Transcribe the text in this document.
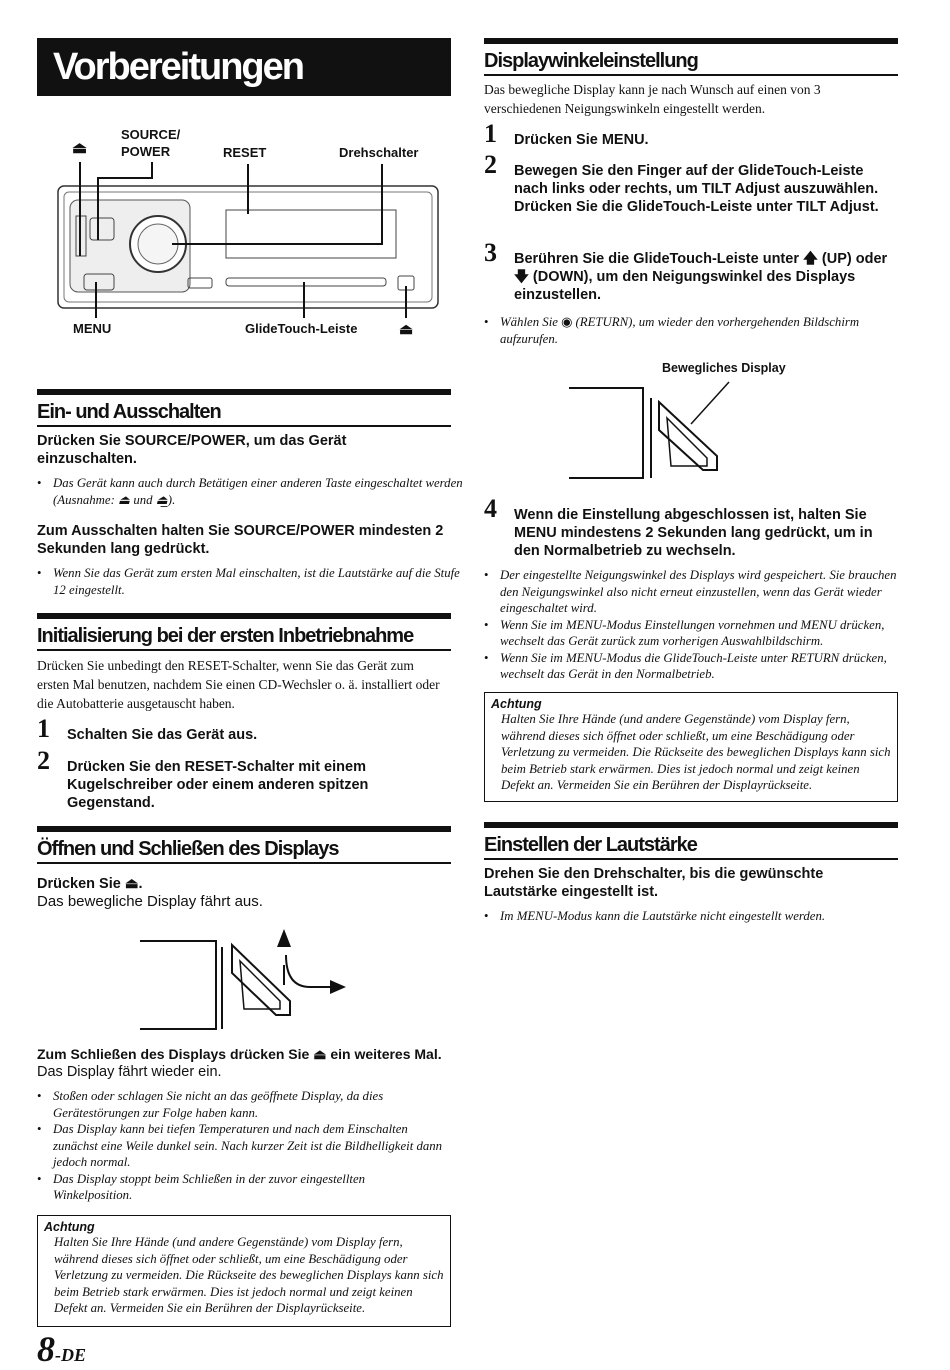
Vorbereitungen
⏏
SOURCE/
POWER	RESET	Drehschalter
MENU	GlideTouch-Leiste	⏏
Ein- und Ausschalten
Drücken Sie SOURCE/POWER, um das Gerät einzuschalten.
• Das Gerät kann auch durch Betätigen einer anderen Taste eingeschaltet werden (Ausnahme: ⏏ und ⏏̲).
Zum Ausschalten halten Sie SOURCE/POWER mindesten 2 Sekunden lang gedrückt.
• Wenn Sie das Gerät zum ersten Mal einschalten, ist die Lautstärke auf die Stufe 12 eingestellt.
Initialisierung bei der ersten Inbetriebnahme
Drücken Sie unbedingt den RESET-Schalter, wenn Sie das Gerät zum ersten Mal benutzen, nachdem Sie einen CD-Wechsler o. ä. installiert oder die Autobatterie ausgetauscht haben.
1 Schalten Sie das Gerät aus.
2 Drücken Sie den RESET-Schalter mit einem Kugelschreiber oder einem anderen spitzen Gegenstand.
Öffnen und Schließen des Displays
Drücken Sie ⏏.
Das bewegliche Display fährt aus.
Zum Schließen des Displays drücken Sie ⏏ ein weiteres Mal.
Das Display fährt wieder ein.
• Stoßen oder schlagen Sie nicht an das geöffnete Display, da dies Gerätestörungen zur Folge haben kann.
• Das Display kann bei tiefen Temperaturen und nach dem Einschalten zunächst eine Weile dunkel sein. Nach kurzer Zeit ist die Bildhelligkeit dann jedoch normal.
• Das Display stoppt beim Schließen in der zuvor eingestellten Winkelposition.
Achtung
Halten Sie Ihre Hände (und andere Gegenstände) vom Display fern, während dieses sich öffnet oder schließt, um eine Beschädigung oder Verletzung zu vermeiden. Die Rückseite des beweglichen Displays kann sich beim Betrieb stark erwärmen. Dies ist jedoch normal und zeigt keinen Defekt an. Vermeiden Sie ein Berühren der Displayrückseite.
8-DE
Displaywinkeleinstellung
Das bewegliche Display kann je nach Wunsch auf einen von 3 verschiedenen Neigungswinkeln eingestellt werden.
1 Drücken Sie MENU.
2 Bewegen Sie den Finger auf der GlideTouch-Leiste nach links oder rechts, um TILT Adjust auszuwählen. Drücken Sie die GlideTouch-Leiste unter TILT Adjust.
3 Berühren Sie die GlideTouch-Leiste unter 🡅 (UP) oder 🡇 (DOWN), um den Neigungswinkel des Displays einzustellen.
• Wählen Sie ◉ (RETURN), um wieder den vorhergehenden Bildschirm aufzurufen.
Bewegliches Display
4 Wenn die Einstellung abgeschlossen ist, halten Sie MENU mindestens 2 Sekunden lang gedrückt, um in den Normalbetrieb zu wechseln.
• Der eingestellte Neigungswinkel des Displays wird gespeichert. Sie brauchen den Neigungswinkel also nicht erneut einzustellen, wenn das Gerät wieder eingeschaltet wird.
• Wenn Sie im MENU-Modus Einstellungen vornehmen und MENU drücken, wechselt das Gerät zurück zum vorherigen Auswahlbildschirm.
• Wenn Sie im MENU-Modus die GlideTouch-Leiste unter RETURN drücken, wechselt das Gerät in den Normalbetrieb.
Achtung
Halten Sie Ihre Hände (und andere Gegenstände) vom Display fern, während dieses sich öffnet oder schließt, um eine Beschädigung oder Verletzung zu vermeiden. Die Rückseite des beweglichen Displays kann sich beim Betrieb stark erwärmen. Dies ist jedoch normal und zeigt keinen Defekt an. Vermeiden Sie ein Berühren der Displayrückseite.
Einstellen der Lautstärke
Drehen Sie den Drehschalter, bis die gewünschte Lautstärke eingestellt ist.
• Im MENU-Modus kann die Lautstärke nicht eingestellt werden.
